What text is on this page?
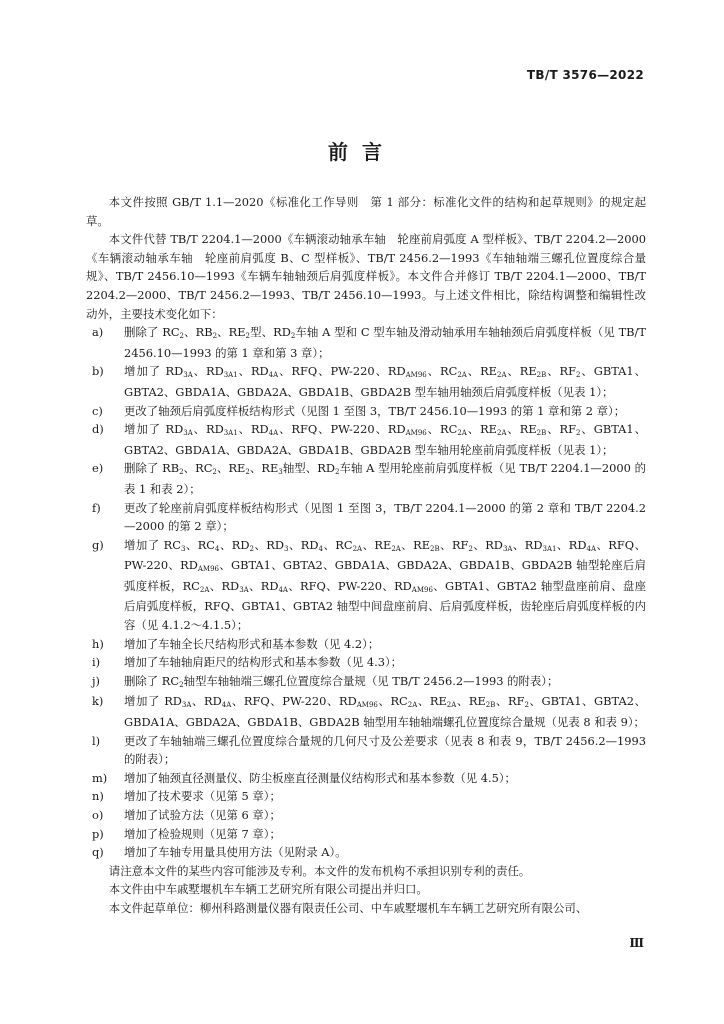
TB/T 3576—2022
前言
本文件按照 GB/T 1.1—2020《标准化工作导则　第 1 部分：标准化文件的结构和起草规则》的规定起草。
本文件代替 TB/T 2204.1—2000《车辆滚动轴承车轴　轮座前肩弧度 A 型样板》、TB/T 2204.2—2000《车辆滚动轴承车轴　轮座前肩弧度 B、C 型样板》、TB/T 2456.2—1993《车轴轴端三螺孔位置度综合量规》、TB/T 2456.10—1993《车辆车轴轴颈后肩弧度样板》。本文件合并修订 TB/T 2204.1—2000、TB/T 2204.2—2000、TB/T 2456.2—1993、TB/T 2456.10—1993。与上述文件相比，除结构调整和编辑性改动外，主要技术变化如下：
a)	删除了 $RC_2$、$RB_2$、$RE_2$型、$RD_2$车轴 A 型和 C 型车轴及滑动轴承用车轴轴颈后肩弧度样板（见 TB/T 2456.10—1993 的第 1 章和第 3 章）；
b)	增加了 $RD_{3A}$、$RD_{3A1}$、$RD_{4A}$、RFQ、PW-220、$RD_{AM96}$、$RC_{2A}$、$RE_{2A}$、$RE_{2B}$、$RF_2$、GBTA1、GBTA2、GBDA1A、GBDA2A、GBDA1B、GBDA2B 型车轴用轴颈后肩弧度样板（见表 1）；
c)	更改了轴颈后肩弧度样板结构形式（见图 1 至图 3，TB/T 2456.10—1993 的第 1 章和第 2 章）；
d)	增加了 $RD_{3A}$、$RD_{3A1}$、$RD_{4A}$、RFQ、PW-220、$RD_{AM96}$、$RC_{2A}$、$RE_{2A}$、$RE_{2B}$、$RF_2$、GBTA1、GBTA2、GBDA1A、GBDA2A、GBDA1B、GBDA2B 型车轴用轮座前肩弧度样板（见表 1）；
e)	删除了 $RB_2$、$RC_2$、$RE_2$、$RE_3$轴型、$RD_2$车轴 A 型用轮座前肩弧度样板（见 TB/T 2204.1—2000 的表 1 和表 2）；
f)	更改了轮座前肩弧度样板结构形式（见图 1 至图 3，TB/T 2204.1—2000 的第 2 章和 TB/T 2204.2—2000 的第 2 章）；
g)	增加了 $RC_3$、$RC_4$、$RD_2$、$RD_3$、$RD_4$、$RC_{2A}$、$RE_{2A}$、$RE_{2B}$、$RF_2$、$RD_{3A}$、$RD_{3A1}$、$RD_{4A}$、RFQ、PW-220、$RD_{AM96}$、GBTA1、GBTA2、GBDA1A、GBDA2A、GBDA1B、GBDA2B 轴型轮座后肩弧度样板，$RC_{2A}$、$RD_{3A}$、$RD_{4A}$、RFQ、PW-220、$RD_{AM96}$、GBTA1、GBTA2 轴型盘座前肩、盘座后肩弧度样板，RFQ、GBTA1、GBTA2 轴型中间盘座前肩、后肩弧度样板，齿轮座后肩弧度样板的内容（见 4.1.2～4.1.5）；
h)	增加了车轴全长尺结构形式和基本参数（见 4.2）；
i)	增加了车轴轴肩距尺的结构形式和基本参数（见 4.3）；
j)	删除了 $RC_2$轴型车轴轴端三螺孔位置度综合量规（见 TB/T 2456.2—1993 的附表）；
k)	增加了 $RD_{3A}$、$RD_{4A}$、RFQ、PW-220、$RD_{AM96}$、$RC_{2A}$、$RE_{2A}$、$RE_{2B}$、$RF_2$、GBTA1、GBTA2、GBDA1A、GBDA2A、GBDA1B、GBDA2B 轴型用车轴轴端螺孔位置度综合量规（见表 8 和表 9）；
l)	更改了车轴轴端三螺孔位置度综合量规的几何尺寸及公差要求（见表 8 和表 9，TB/T 2456.2—1993 的附表）；
m)	增加了轴颈直径测量仪、防尘板座直径测量仪结构形式和基本参数（见 4.5）；
n)	增加了技术要求（见第 5 章）；
o)	增加了试验方法（见第 6 章）；
p)	增加了检验规则（见第 7 章）；
q)	增加了车轴专用量具使用方法（见附录 A）。
请注意本文件的某些内容可能涉及专利。本文件的发布机构不承担识别专利的责任。
本文件由中车戚墅堰机车车辆工艺研究所有限公司提出并归口。
本文件起草单位：柳州科路测量仪器有限责任公司、中车戚墅堰机车车辆工艺研究所有限公司、
Ⅲ
